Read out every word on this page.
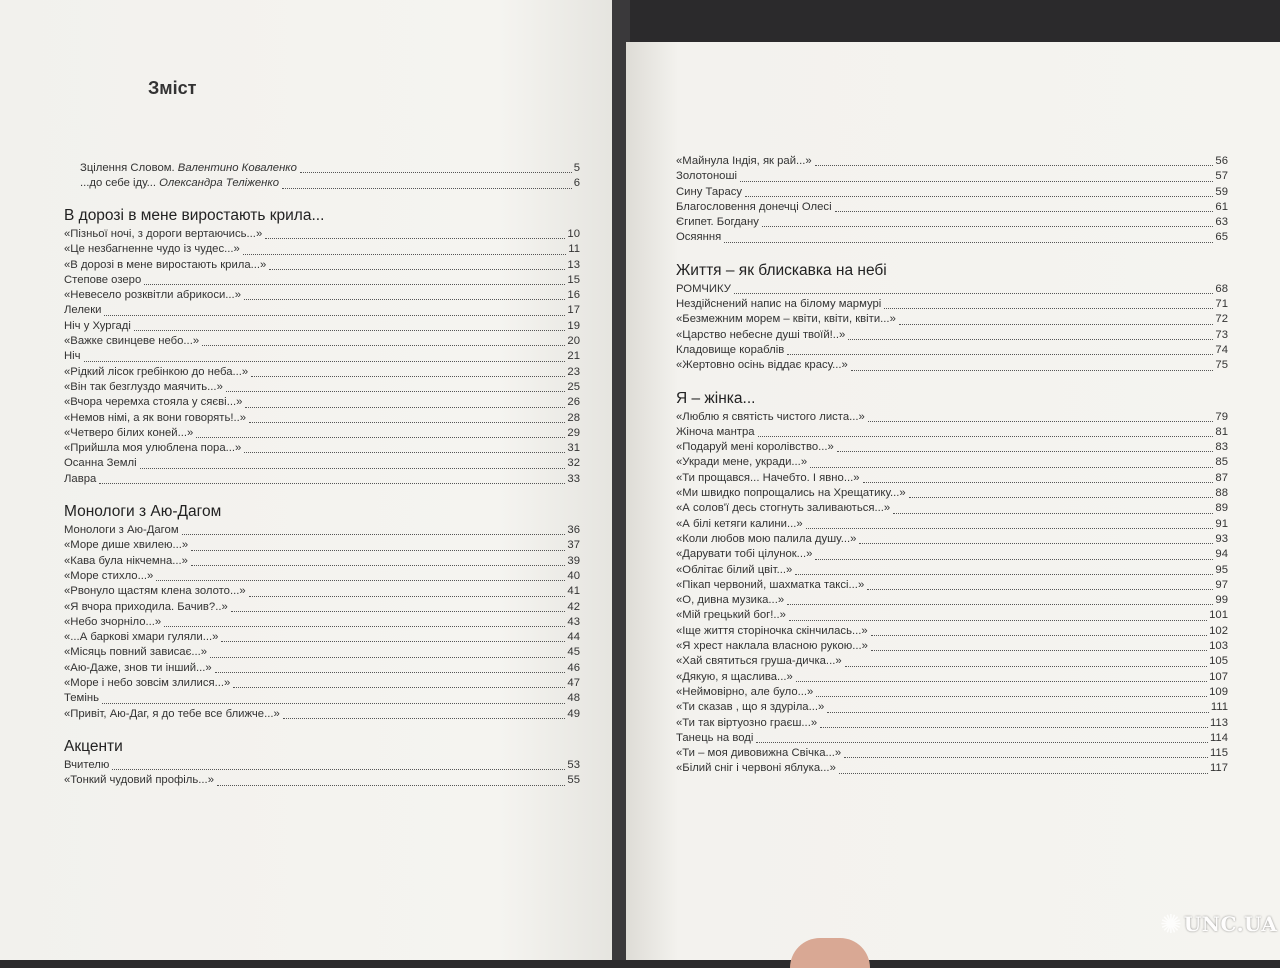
Зміст
Зцілення Словом. Валентино Коваленко	5
...до себе іду... Олександра Теліженко	6
В дорозі в мене виростають крила...
«Пізньої ночі, з дороги вертаючись...»	10
«Це незбагненне чудо із чудес...»	11
«В дорозі в мене виростають крила...»	13
Степове озеро	15
«Невесело розквітли абрикоси...»	16
Лелеки	17
Ніч у Хургаді	19
«Важке свинцеве небо...»	20
Ніч	21
«Рідкий лісок гребінкою до неба...»	23
«Він так безглуздо маячить...»	25
«Вчора черемха стояла у сяєві...»	26
«Немов німі, а як вони говорять!..»	28
«Четверо білих коней...»	29
«Прийшла моя улюблена пора...»	31
Осанна Землі	32
Лавра	33
Монологи з Аю-Дагом
Монологи з Аю-Дагом	36
«Море дише хвилею...»	37
«Кава була нікчемна...»	39
«Море стихло...»	40
«Рвонуло щастям клена золото...»	41
«Я вчора приходила. Бачив?..»	42
«Небо зчорніло...»	43
«...А баркові хмари гуляли...»	44
«Місяць повний зависає...»	45
«Аю-Даже, знов ти інший...»	46
«Море і небо зовсім злилися...»	47
Темінь	48
«Привіт, Аю-Даг, я до тебе все ближче...»	49
Акценти
Вчителю	53
«Тонкий чудовий профіль...»	55
«Майнула Індія, як рай...»	56
Золотоноші	57
Сину Тарасу	59
Благословення донечці Олесі	61
Єгипет. Богдану	63
Осяяння	65
Життя – як блискавка на небі
РОМЧИКУ	68
Нездійснений напис на білому мармурі	71
«Безмежним морем – квіти, квіти, квіти...»	72
«Царство небесне душі твоїй!..»	73
Кладовище кораблів	74
«Жертовно осінь віддає красу...»	75
Я – жінка...
«Люблю я святість чистого листа...»	79
Жіноча мантра	81
«Подаруй мені королівство...»	83
«Укради мене, укради...»	85
«Ти прощався... Начебто. І явно...»	87
«Ми швидко попрощались на Хрещатику...»	88
«А солов'ї десь стогнуть заливаються...»	89
«А білі кетяги калини...»	91
«Коли любов мою палила душу...»	93
«Дарувати тобі цілунок...»	94
«Облітає білий цвіт...»	95
«Пікап червоний, шахматка таксі...»	97
«О, дивна музика...»	99
«Мій грецький бог!..»	101
«Іще життя сторіночка скінчилась...»	102
«Я хрест наклала власною рукою...»	103
«Хай святиться груша-дичка...»	105
«Дякую, я щаслива...»	107
«Неймовірно, але було...»	109
«Ти сказав , що я здуріла...»	111
«Ти так віртуозно граєш...»	113
Танець на воді	114
«Ти – моя дивовижна Свічка...»	115
«Білий сніг і червоні яблука...»	117
✺ UNC.UA
